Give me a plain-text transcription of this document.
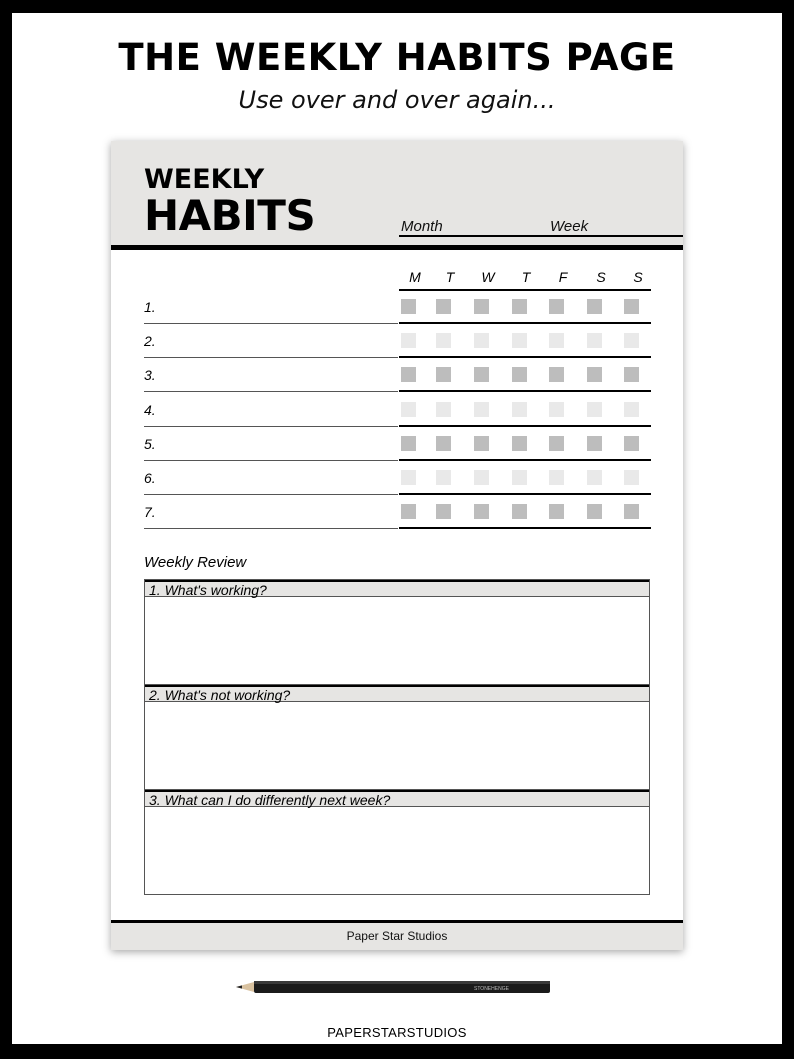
THE WEEKLY HABITS PAGE
Use over and over again...
WEEKLY
HABITS	Month	Week
M	T	W	T	F	S	S
1.
2.
3.
4.
5.
6.
7.
Weekly Review
1. What's working?
2. What's not working?
3. What can I do differently next week?
Paper Star Studios
STONEHENGE
PAPERSTARSTUDIOS
